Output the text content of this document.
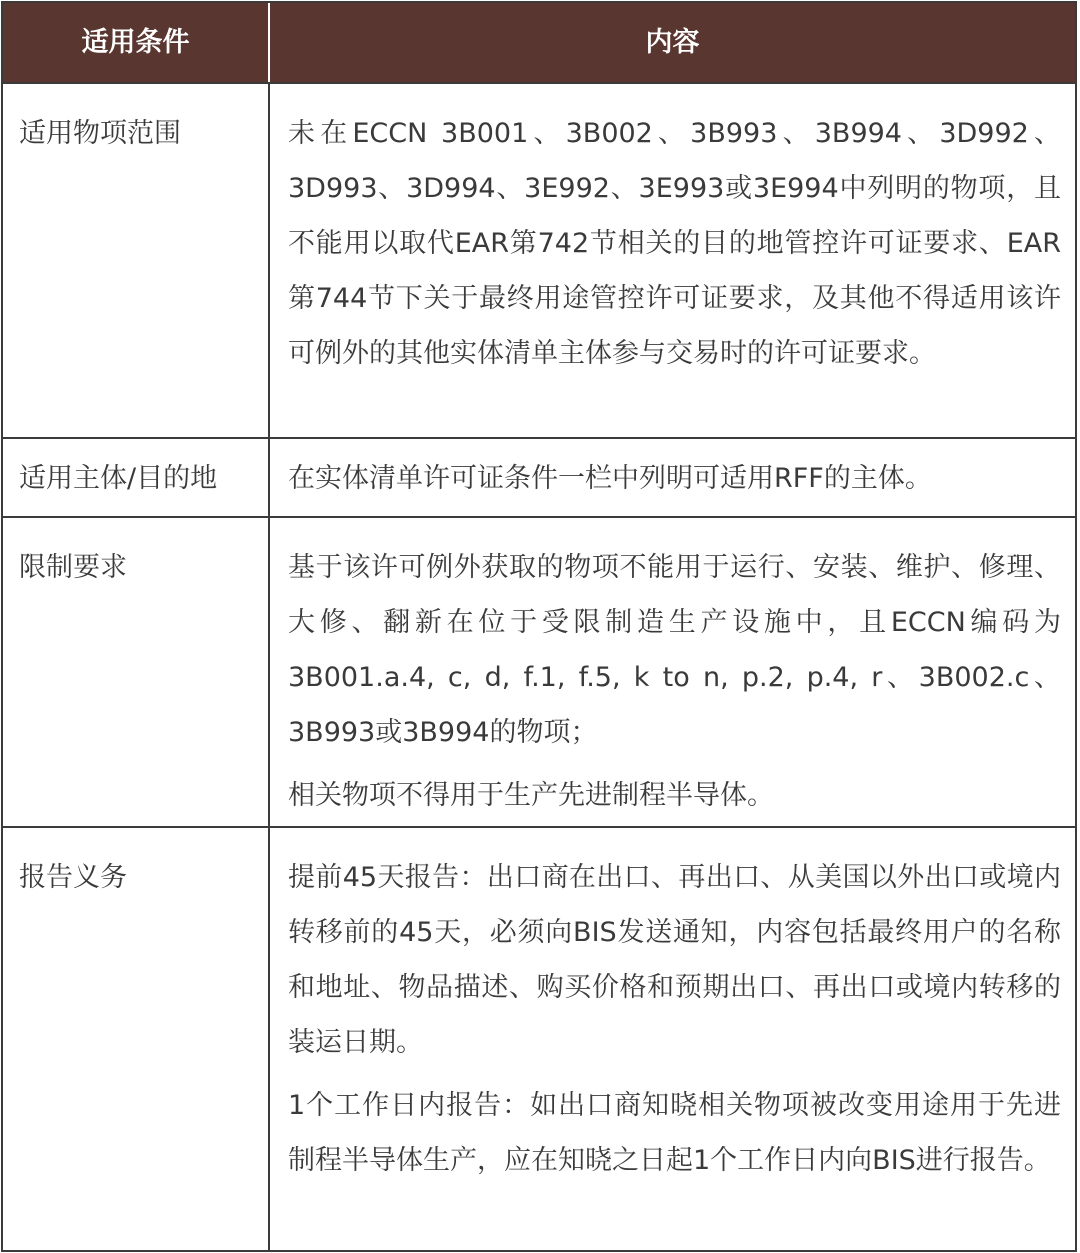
适用条件	内容
适用物项范围	未在ECCN 3B001、3B002、3B993、3B994、3D992、3D993、3D994、3E992、3E993或3E994中列明的物项，且不能用以取代EAR第742节相关的目的地管控许可证要求、EAR第744节下关于最终用途管控许可证要求，及其他不得适用该许可例外的其他实体清单主体参与交易时的许可证要求。

适用主体/目的地	在实体清单许可证条件一栏中列明可适用RFF的主体。

限制要求	基于该许可例外获取的物项不能用于运行、安装、维护、修理、大修、翻新在位于受限制造生产设施中，且ECCN编码为3B001.a.4, c, d, f.1, f.5, k to n, p.2, p.4, r、3B002.c、3B993或3B994的物项；

相关物项不得用于生产先进制程半导体。

报告义务	提前45天报告：出口商在出口、再出口、从美国以外出口或境内转移前的45天，必须向BIS发送通知，内容包括最终用户的名称和地址、物品描述、购买价格和预期出口、再出口或境内转移的装运日期。

1个工作日内报告：如出口商知晓相关物项被改变用途用于先进制程半导体生产，应在知晓之日起1个工作日内向BIS进行报告。
